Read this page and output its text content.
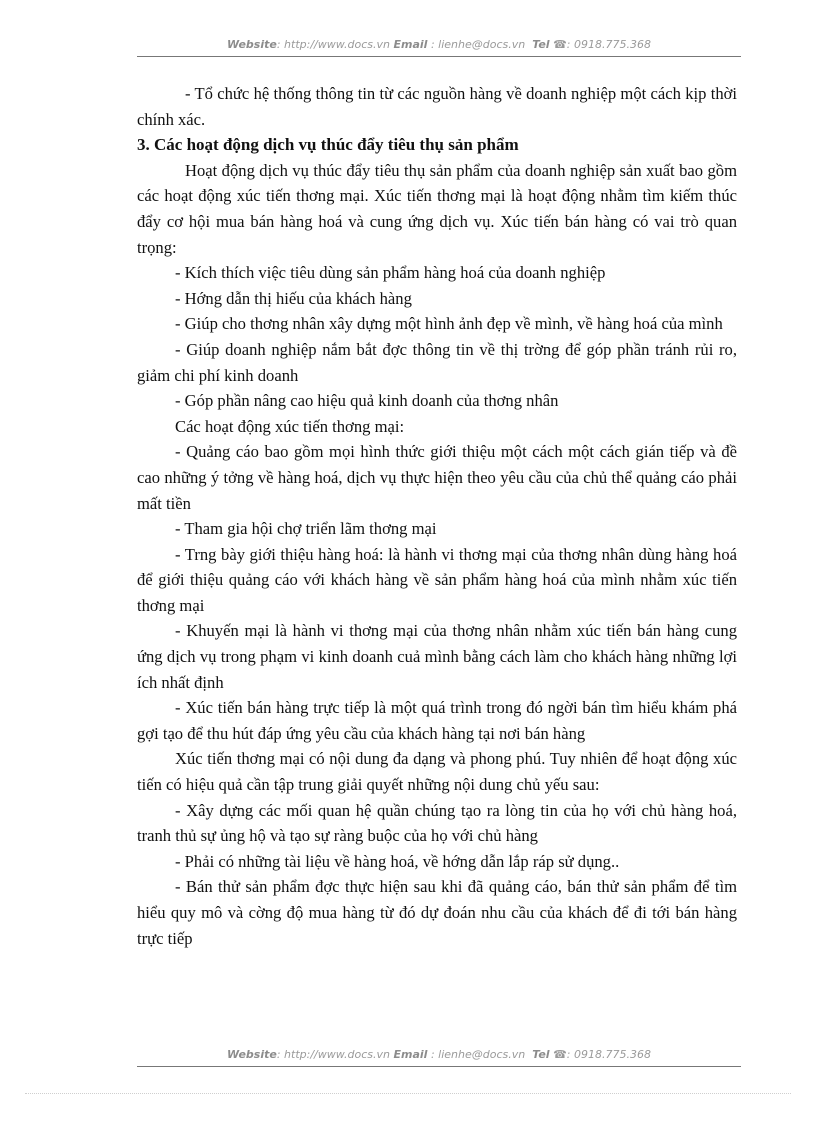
Website: http://www.docs.vn Email : lienhe@docs.vn Tel ☎: 0918.775.368

- Tổ chức hệ thống thông tin từ các nguồn hàng về doanh nghiệp một cách kịp thời chính xác.

3. Các hoạt động dịch vụ thúc đẩy tiêu thụ sản phẩm

Hoạt động dịch vụ thúc đẩy tiêu thụ sản phẩm của doanh nghiệp sản xuất bao gồm các hoạt động xúc tiến thơng mại. Xúc tiến thơng mại là hoạt động nhằm tìm kiếm thúc đẩy cơ hội mua bán hàng hoá và cung ứng dịch vụ. Xúc tiến bán hàng có vai trò quan trọng:

- Kích thích việc tiêu dùng sản phẩm hàng hoá của doanh nghiệp

- Hớng dẫn thị hiếu của khách hàng

- Giúp cho thơng nhân xây dựng một hình ảnh đẹp về mình, về hàng hoá của mình

- Giúp doanh nghiệp nắm bắt đợc thông tin về thị trờng để góp phần tránh rủi ro, giảm chi phí kinh doanh

- Góp phần nâng cao hiệu quả kinh doanh của thơng nhân

Các hoạt động xúc tiến thơng mại:

- Quảng cáo bao gồm mọi hình thức giới thiệu một cách một cách gián tiếp và đề cao những ý tởng về hàng hoá, dịch vụ thực hiện theo yêu cầu của chủ thể quảng cáo phải mất tiền

- Tham gia hội chợ triển lãm thơng mại

- Trng bày giới thiệu hàng hoá: là hành vi thơng mại của thơng nhân dùng hàng hoá để giới thiệu quảng cáo với khách hàng về sản phẩm hàng hoá của mình nhằm xúc tiến thơng mại

- Khuyến mại là hành vi thơng mại của thơng nhân nhằm xúc tiến bán hàng cung ứng dịch vụ trong phạm vi kinh doanh cuả mình bằng cách làm cho khách hàng những lợi ích nhất định

- Xúc tiến bán hàng trực tiếp là một quá trình trong đó ngời bán tìm hiểu khám phá gợi tạo để thu hút đáp ứng yêu cầu của khách hàng tại nơi bán hàng

Xúc tiến thơng mại có nội dung đa dạng và phong phú. Tuy nhiên để hoạt động xúc tiến có hiệu quả cần tập trung giải quyết những nội dung chủ yếu sau:

- Xây dựng các mối quan hệ quần chúng tạo ra lòng tin của họ với chủ hàng hoá, tranh thủ sự ủng hộ và tạo sự ràng buộc của họ với chủ hàng

- Phải có những tài liệu về hàng hoá, về hớng dẫn lắp ráp sử dụng..

- Bán thử sản phẩm đợc thực hiện sau khi đã quảng cáo, bán thử sản phẩm để tìm hiểu quy mô và cờng độ mua hàng từ đó dự đoán nhu cầu của khách để đi tới bán hàng trực tiếp

Website: http://www.docs.vn Email : lienhe@docs.vn Tel ☎: 0918.775.368
